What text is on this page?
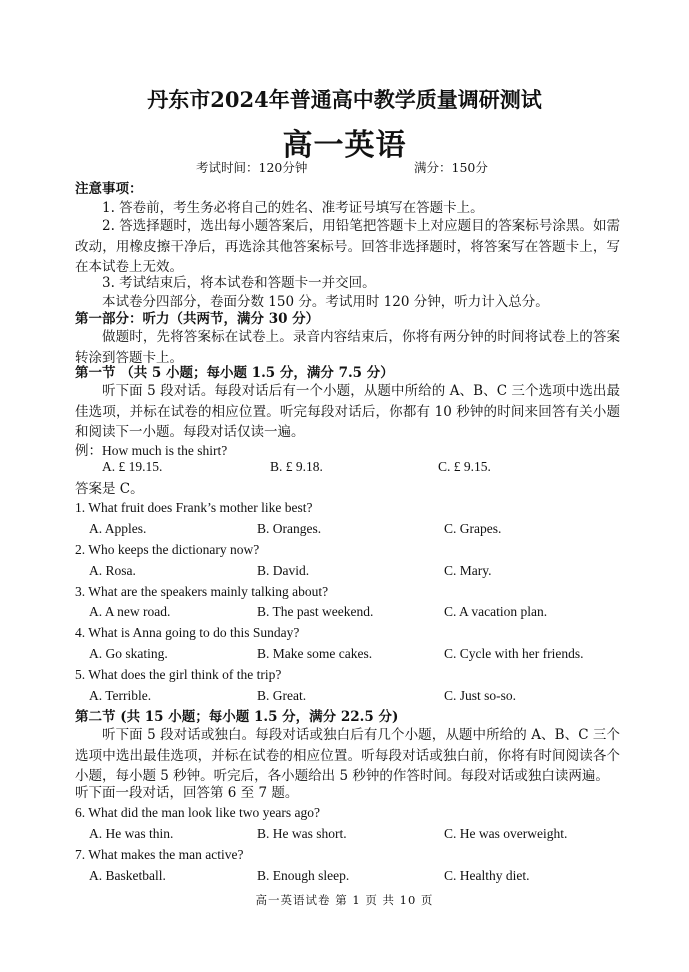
丹东市2024年普通高中教学质量调研测试
高一英语
考试时间：120分钟	满分：150分
注意事项：
1. 答卷前，考生务必将自己的姓名、准考证号填写在答题卡上。
2. 答选择题时，选出每小题答案后，用铅笔把答题卡上对应题目的答案标号涂黑。如需改动，用橡皮擦干净后，再选涂其他答案标号。回答非选择题时，将答案写在答题卡上，写在本试卷上无效。
3. 考试结束后，将本试卷和答题卡一并交回。
本试卷分四部分，卷面分数 150 分。考试用时 120 分钟，听力计入总分。
第一部分：听力（共两节，满分 30 分）
做题时，先将答案标在试卷上。录音内容结束后，你将有两分钟的时间将试卷上的答案转涂到答题卡上。
第一节 （共 5 小题；每小题 1.5 分，满分 7.5 分）
听下面 5 段对话。每段对话后有一个小题，从题中所给的 A、B、C 三个选项中选出最佳选项，并标在试卷的相应位置。听完每段对话后，你都有 10 秒钟的时间来回答有关小题和阅读下一小题。每段对话仅读一遍。
例：How much is the shirt?
A. £ 19.15.	B. £ 9.18.	C. £ 9.15.
答案是 C。
1. What fruit does Frank’s mother like best?
A. Apples.	B. Oranges.	C. Grapes.
2. Who keeps the dictionary now?
A. Rosa.	B. David.	C. Mary.
3. What are the speakers mainly talking about?
A. A new road.	B. The past weekend.	C. A vacation plan.
4. What is Anna going to do this Sunday?
A. Go skating.	B. Make some cakes.	C. Cycle with her friends.
5. What does the girl think of the trip?
A. Terrible.	B. Great.	C. Just so-so.
第二节 (共 15 小题；每小题 1.5 分，满分 22.5 分)
听下面 5 段对话或独白。每段对话或独白后有几个小题，从题中所给的 A、B、C 三个选项中选出最佳选项，并标在试卷的相应位置。听每段对话或独白前，你将有时间阅读各个小题，每小题 5 秒钟。听完后，各小题给出 5 秒钟的作答时间。每段对话或独白读两遍。
听下面一段对话，回答第 6 至 7 题。
6. What did the man look like two years ago?
A. He was thin.	B. He was short.	C. He was overweight.
7. What makes the man active?
A. Basketball.	B. Enough sleep.	C. Healthy diet.
高一英语试卷 第 1 页 共 10 页
